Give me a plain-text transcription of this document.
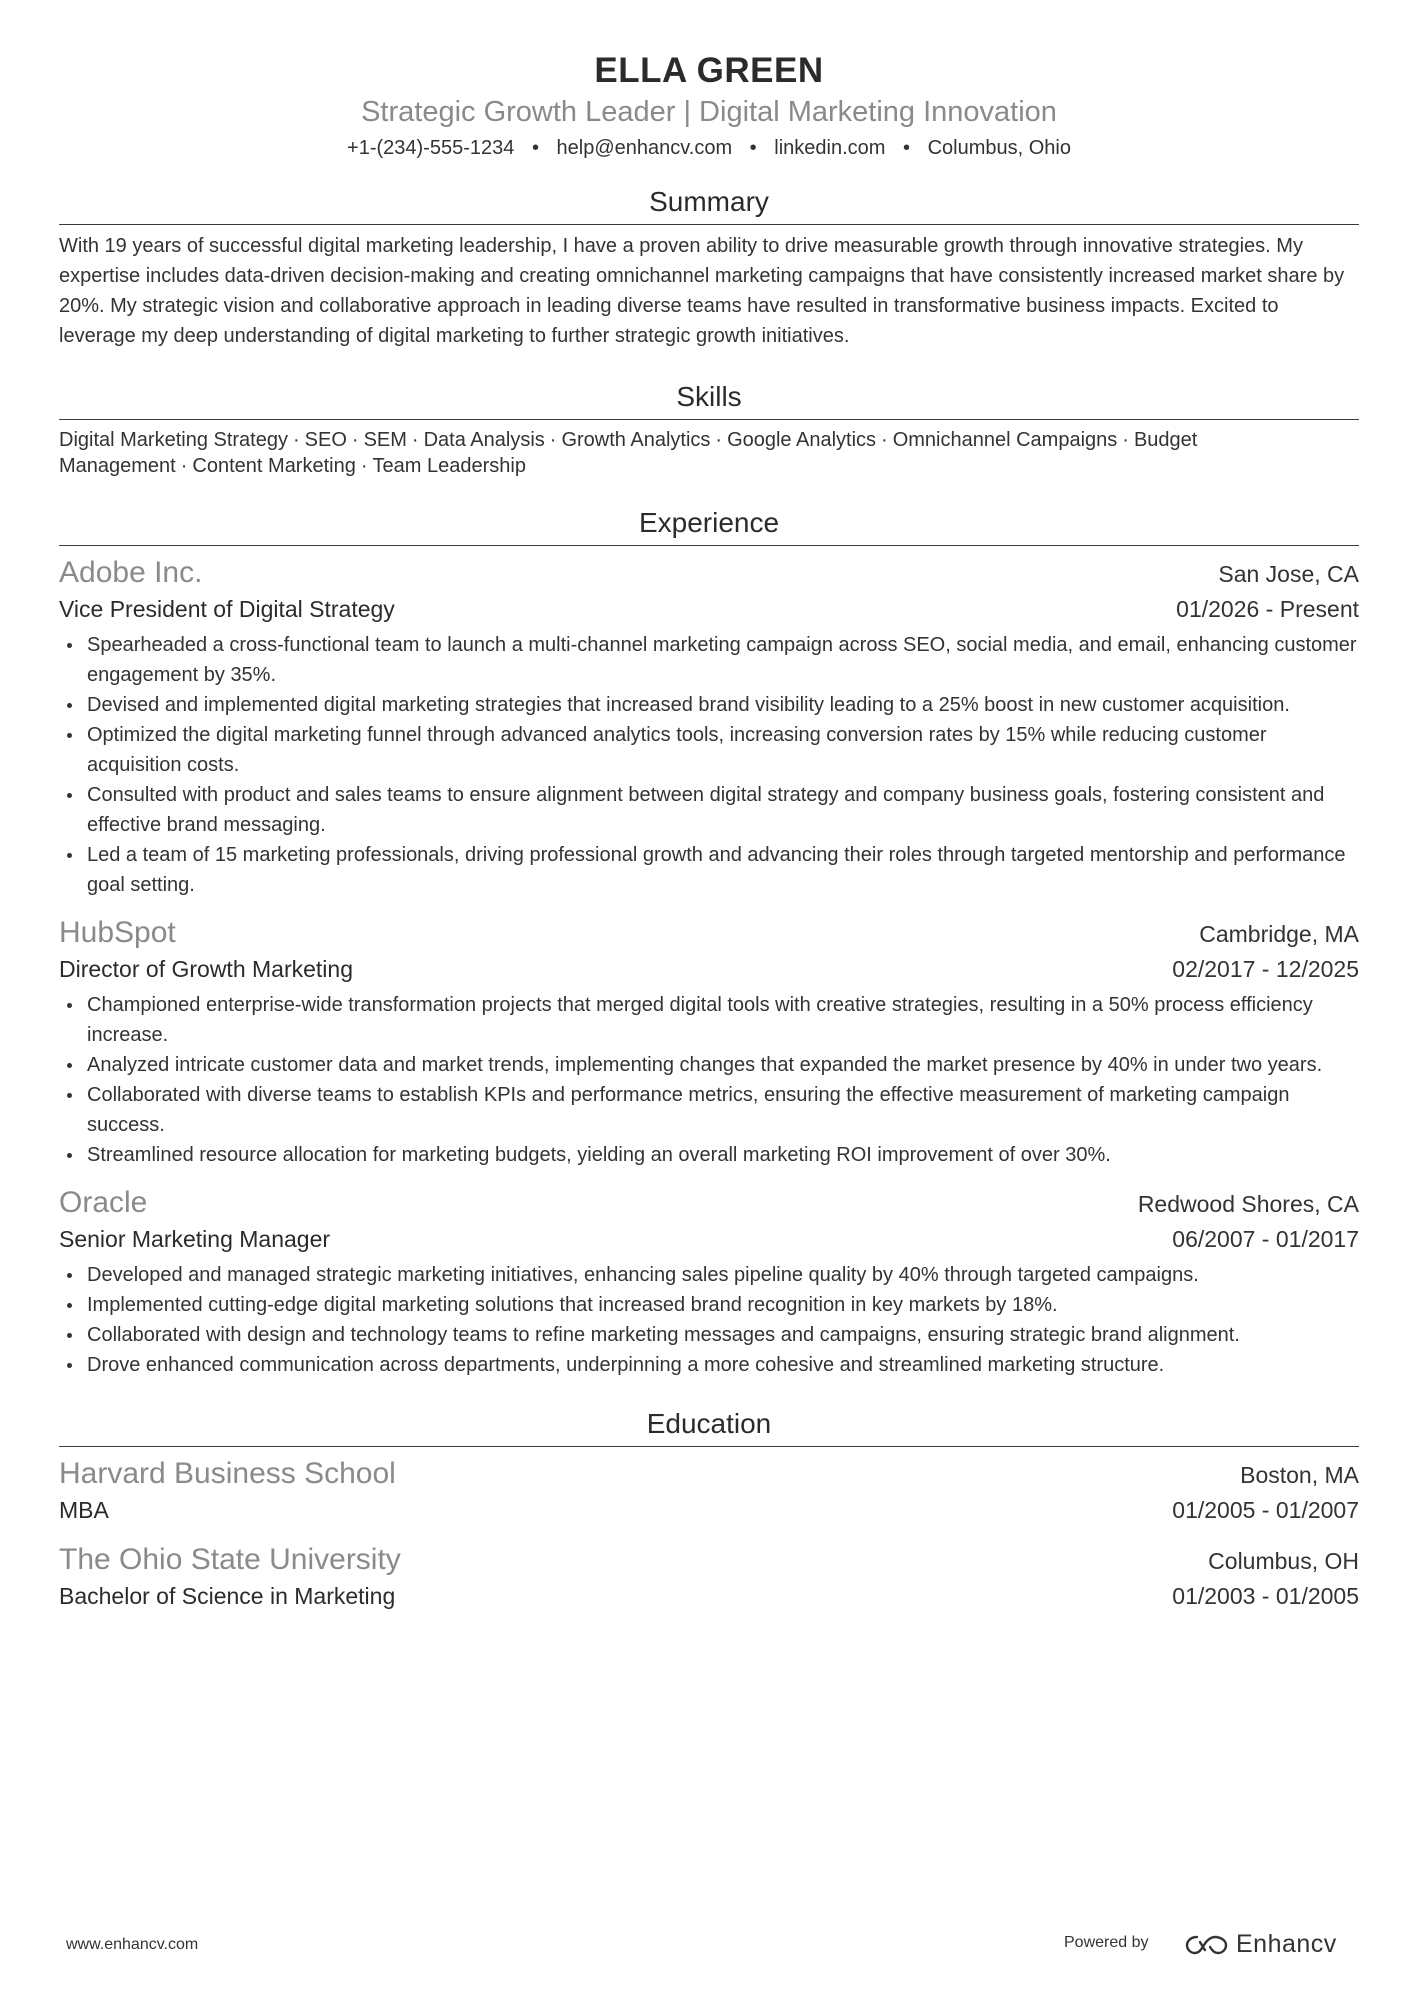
ELLA GREEN
Strategic Growth Leader | Digital Marketing Innovation
+1-(234)-555-1234 • help@enhancv.com • linkedin.com • Columbus, Ohio
Summary
With 19 years of successful digital marketing leadership, I have a proven ability to drive measurable growth through innovative strategies. My expertise includes data-driven decision-making and creating omnichannel marketing campaigns that have consistently increased market share by 20%. My strategic vision and collaborative approach in leading diverse teams have resulted in transformative business impacts. Excited to leverage my deep understanding of digital marketing to further strategic growth initiatives.
Skills
Digital Marketing Strategy · SEO · SEM · Data Analysis · Growth Analytics · Google Analytics · Omnichannel Campaigns · Budget Management · Content Marketing · Team Leadership
Experience
Adobe Inc.	San Jose, CA
Vice President of Digital Strategy	01/2026 - Present
Spearheaded a cross-functional team to launch a multi-channel marketing campaign across SEO, social media, and email, enhancing customer engagement by 35%.
Devised and implemented digital marketing strategies that increased brand visibility leading to a 25% boost in new customer acquisition.
Optimized the digital marketing funnel through advanced analytics tools, increasing conversion rates by 15% while reducing customer acquisition costs.
Consulted with product and sales teams to ensure alignment between digital strategy and company business goals, fostering consistent and effective brand messaging.
Led a team of 15 marketing professionals, driving professional growth and advancing their roles through targeted mentorship and performance goal setting.
HubSpot	Cambridge, MA
Director of Growth Marketing	02/2017 - 12/2025
Championed enterprise-wide transformation projects that merged digital tools with creative strategies, resulting in a 50% process efficiency increase.
Analyzed intricate customer data and market trends, implementing changes that expanded the market presence by 40% in under two years.
Collaborated with diverse teams to establish KPIs and performance metrics, ensuring the effective measurement of marketing campaign success.
Streamlined resource allocation for marketing budgets, yielding an overall marketing ROI improvement of over 30%.
Oracle	Redwood Shores, CA
Senior Marketing Manager	06/2007 - 01/2017
Developed and managed strategic marketing initiatives, enhancing sales pipeline quality by 40% through targeted campaigns.
Implemented cutting-edge digital marketing solutions that increased brand recognition in key markets by 18%.
Collaborated with design and technology teams to refine marketing messages and campaigns, ensuring strategic brand alignment.
Drove enhanced communication across departments, underpinning a more cohesive and streamlined marketing structure.
Education
Harvard Business School	Boston, MA
MBA	01/2005 - 01/2007
The Ohio State University	Columbus, OH
Bachelor of Science in Marketing	01/2003 - 01/2005
www.enhancv.com	Powered by	Enhancv
